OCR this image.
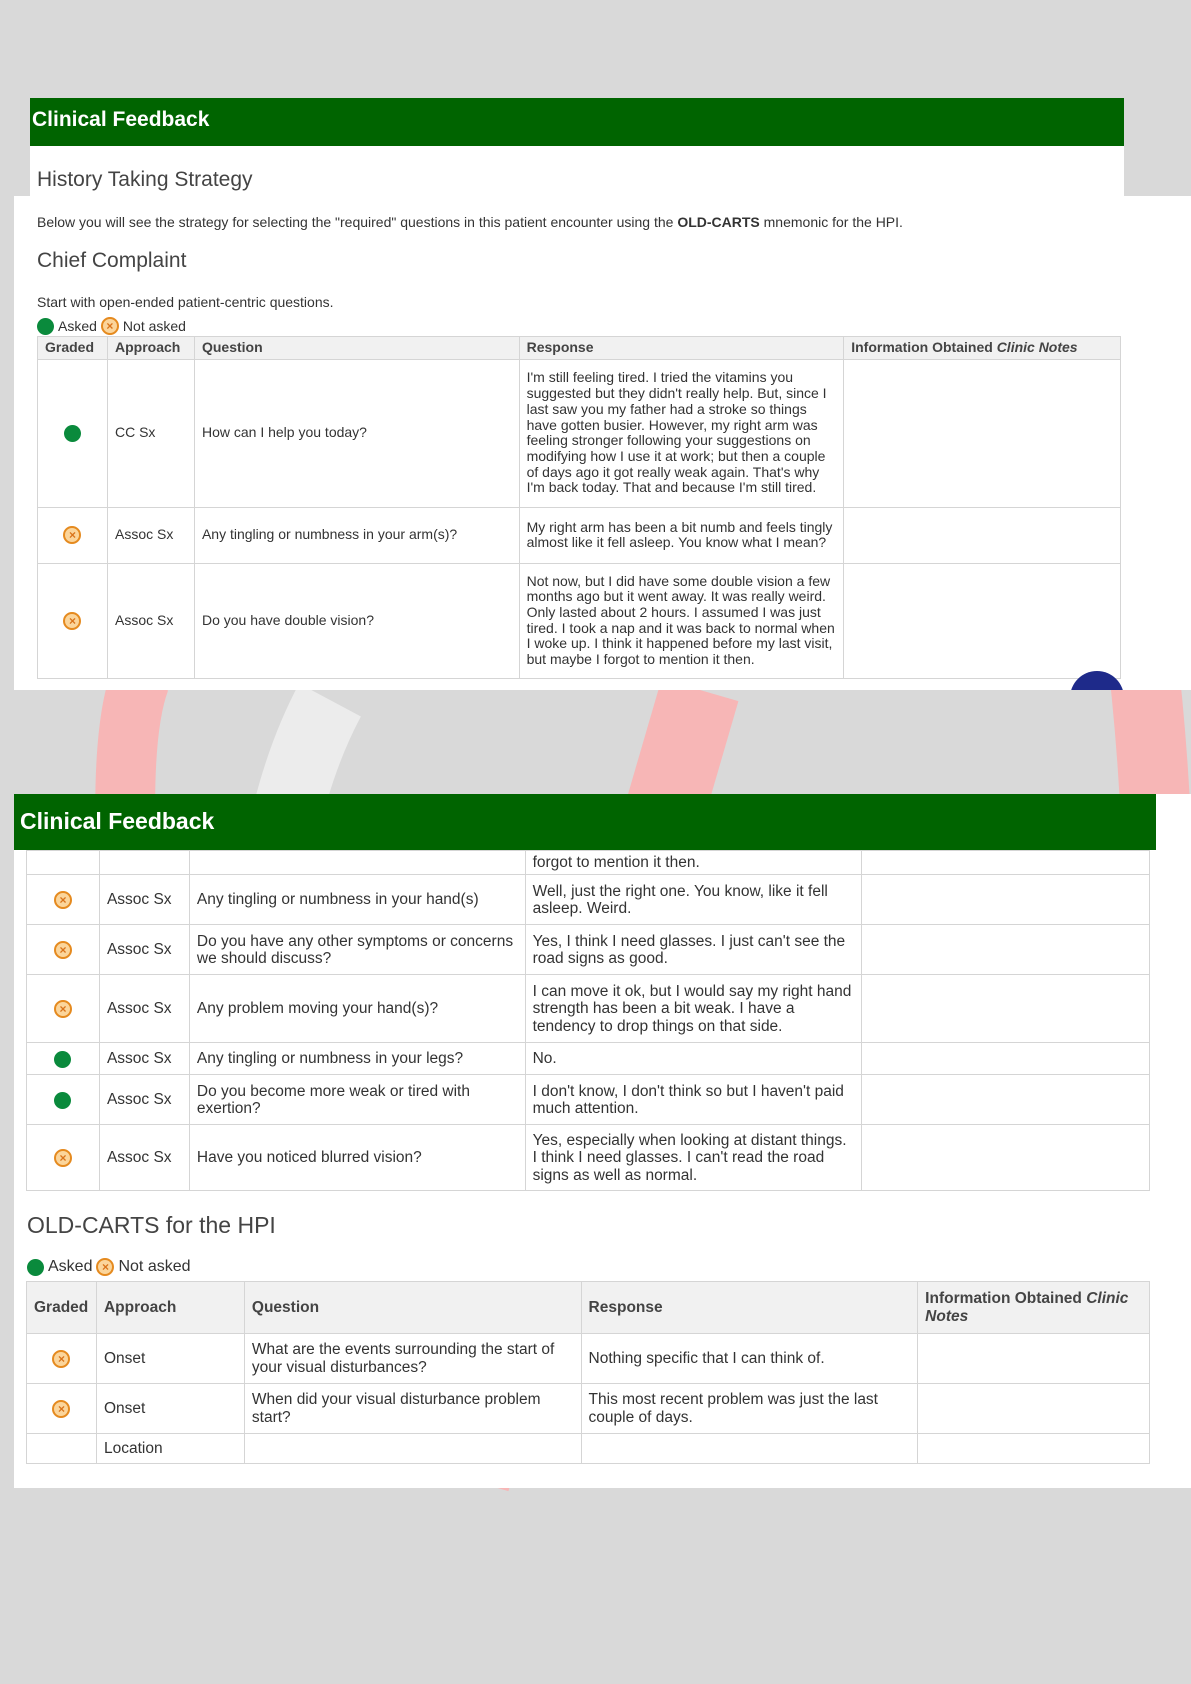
Clinical Feedback
History Taking Strategy

Below you will see the strategy for selecting the "required" questions in this patient encounter using the OLD-CARTS mnemonic for the HPI.

Chief Complaint

Start with open-ended patient-centric questions.

Asked × Not asked
Graded	Approach	Question	Response	Information Obtained Clinic Notes
	CC Sx	How can I help you today?	I'm still feeling tired. I tried the vitamins you suggested but they didn't really help. But, since I last saw you my father had a stroke so things have gotten busier. However, my right arm was feeling stronger following your suggestions on modifying how I use it at work; but then a couple of days ago it got really weak again. That's why I'm back today. That and because I'm still tired.	
×	Assoc Sx	Any tingling or numbness in your arm(s)?	My right arm has been a bit numb and feels tingly almost like it fell asleep. You know what I mean?	
×	Assoc Sx	Do you have double vision?	Not now, but I did have some double vision a few months ago but it went away. It was really weird. Only lasted about 2 hours. I assumed I was just tired. I took a nap and it was back to normal when I woke up. I think it happened before my last visit, but maybe I forgot to mention it then.	
Clinical Feedback
			forgot to mention it then.	
×	Assoc Sx	Any tingling or numbness in your hand(s)	Well, just the right one. You know, like it fell asleep. Weird.	
×	Assoc Sx	Do you have any other symptoms or concerns we should discuss?	Yes, I think I need glasses. I just can't see the road signs as good.	
×	Assoc Sx	Any problem moving your hand(s)?	I can move it ok, but I would say my right hand strength has been a bit weak. I have a tendency to drop things on that side.	
	Assoc Sx	Any tingling or numbness in your legs?	No.	
	Assoc Sx	Do you become more weak or tired with exertion?	I don't know, I don't think so but I haven't paid much attention.	
×	Assoc Sx	Have you noticed blurred vision?	Yes, especially when looking at distant things. I think I need glasses. I can't read the road signs as well as normal.	
OLD-CARTS for the HPI
Asked × Not asked
Graded	Approach	Question	Response	Information Obtained Clinic Notes
×	Onset	What are the events surrounding the start of your visual disturbances?	Nothing specific that I can think of.	
×	Onset	When did your visual disturbance problem start?	This most recent problem was just the last couple of days.	
	Location			
